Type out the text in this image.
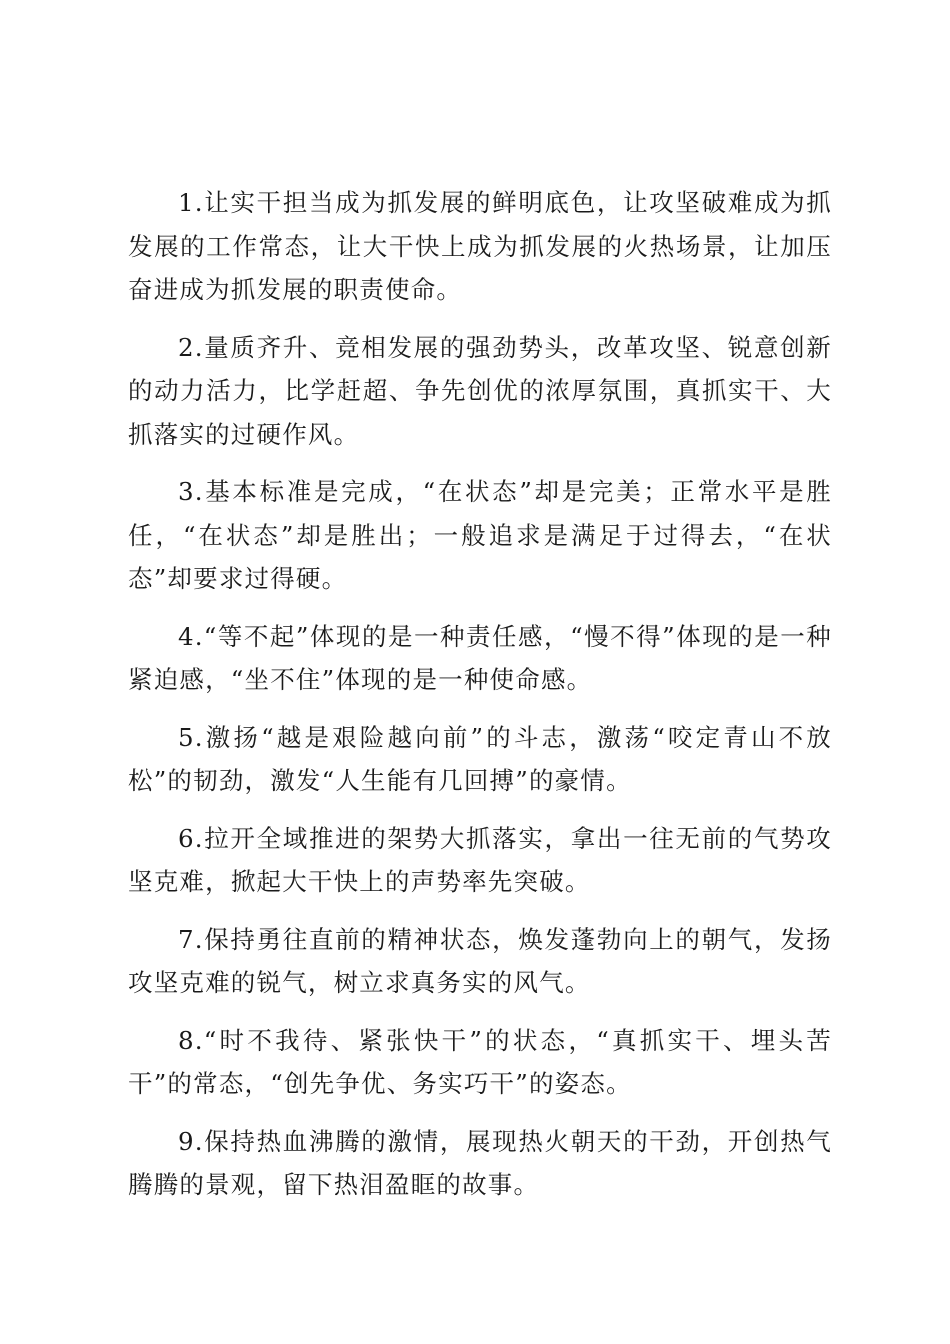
1.让实干担当成为抓发展的鲜明底色，让攻坚破难成为抓发展的工作常态，让大干快上成为抓发展的火热场景，让加压奋进成为抓发展的职责使命。

2.量质齐升、竞相发展的强劲势头，改革攻坚、锐意创新的动力活力，比学赶超、争先创优的浓厚氛围，真抓实干、大抓落实的过硬作风。

3.基本标准是完成，“在状态”却是完美；正常水平是胜任，“在状态”却是胜出；一般追求是满足于过得去，“在状态”却要求过得硬。

4.“等不起”体现的是一种责任感，“慢不得”体现的是一种紧迫感，“坐不住”体现的是一种使命感。

5.激扬“越是艰险越向前”的斗志，激荡“咬定青山不放松”的韧劲，激发“人生能有几回搏”的豪情。

6.拉开全域推进的架势大抓落实，拿出一往无前的气势攻坚克难，掀起大干快上的声势率先突破。

7.保持勇往直前的精神状态，焕发蓬勃向上的朝气，发扬攻坚克难的锐气，树立求真务实的风气。

8.“时不我待、紧张快干”的状态，“真抓实干、埋头苦干”的常态，“创先争优、务实巧干”的姿态。

9.保持热血沸腾的激情，展现热火朝天的干劲，开创热气腾腾的景观，留下热泪盈眶的故事。
